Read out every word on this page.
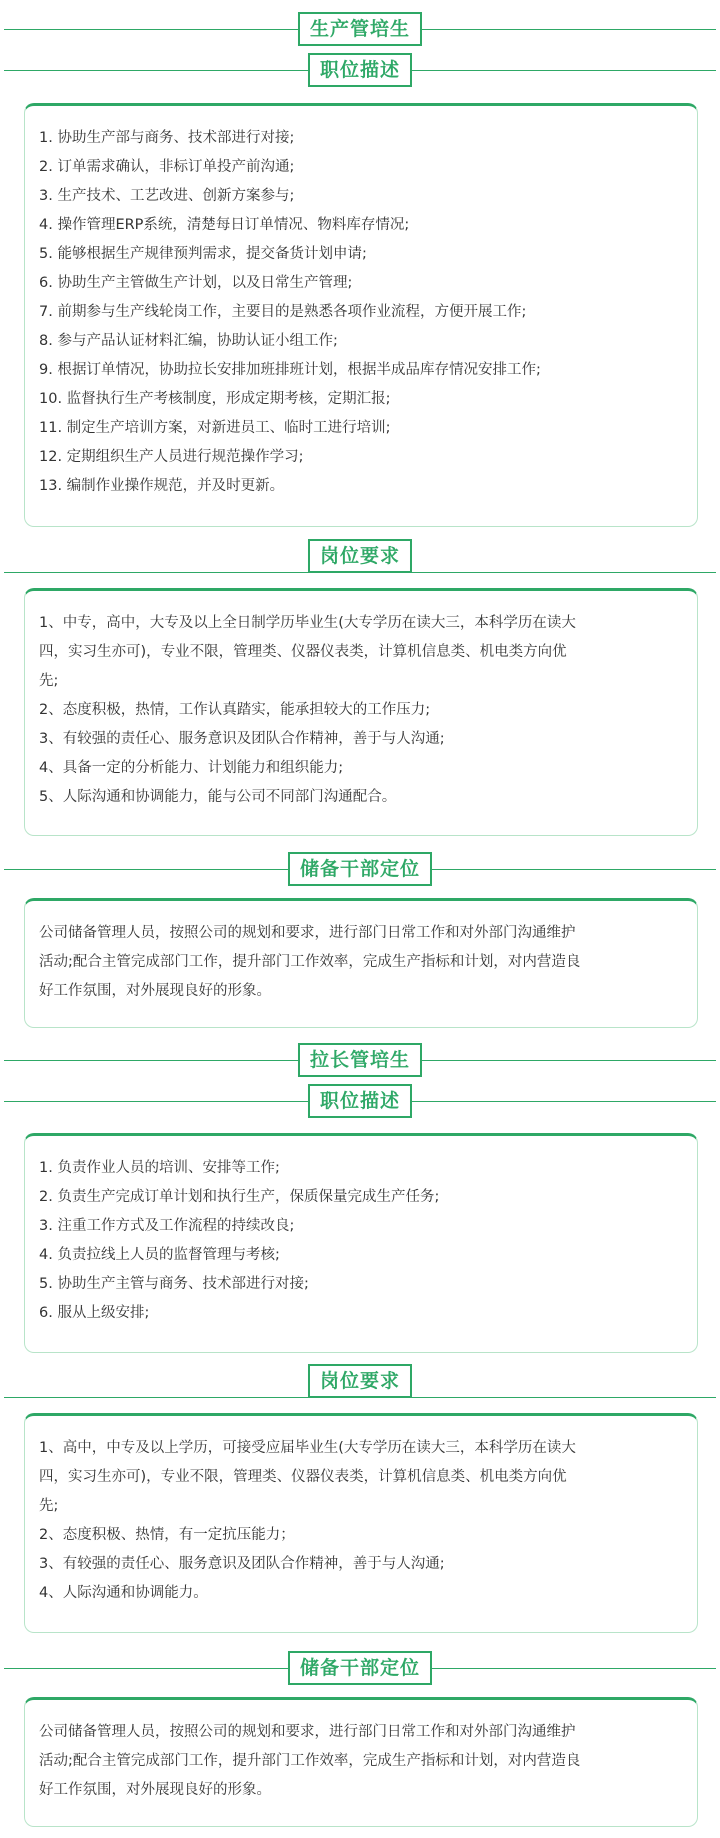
生产管培生
职位描述

1. 协助生产部与商务、技术部进行对接;

2. 订单需求确认，非标订单投产前沟通;

3. 生产技术、工艺改进、创新方案参与;

4. 操作管理ERP系统，清楚每日订单情况、物料库存情况;

5. 能够根据生产规律预判需求，提交备货计划申请;

6. 协助生产主管做生产计划，以及日常生产管理;

7. 前期参与生产线轮岗工作，主要目的是熟悉各项作业流程，方便开展工作;

8. 参与产品认证材料汇编，协助认证小组工作;

9. 根据订单情况，协助拉长安排加班排班计划，根据半成品库存情况安排工作;

10. 监督执行生产考核制度，形成定期考核，定期汇报;

11. 制定生产培训方案，对新进员工、临时工进行培训;

12. 定期组织生产人员进行规范操作学习;

13. 编制作业操作规范，并及时更新。

岗位要求

1、中专，高中，大专及以上全日制学历毕业生(大专学历在读大三，本科学历在读大

四，实习生亦可)，专业不限，管理类、仪器仪表类，计算机信息类、机电类方向优

先;

2、态度积极，热情，工作认真踏实，能承担较大的工作压力;

3、有较强的责任心、服务意识及团队合作精神，善于与人沟通;

4、具备一定的分析能力、计划能力和组织能力;

5、人际沟通和协调能力，能与公司不同部门沟通配合。

储备干部定位

公司储备管理人员，按照公司的规划和要求，进行部门日常工作和对外部门沟通维护

活动;配合主管完成部门工作，提升部门工作效率，完成生产指标和计划，对内营造良

好工作氛围，对外展现良好的形象。

拉长管培生
职位描述

1. 负责作业人员的培训、安排等工作;

2. 负责生产完成订单计划和执行生产，保质保量完成生产任务;

3. 注重工作方式及工作流程的持续改良;

4. 负责拉线上人员的监督管理与考核;

5. 协助生产主管与商务、技术部进行对接;

6. 服从上级安排;

岗位要求

1、高中，中专及以上学历，可接受应届毕业生(大专学历在读大三，本科学历在读大

四，实习生亦可)，专业不限，管理类、仪器仪表类，计算机信息类、机电类方向优

先;

2、态度积极、热情，有一定抗压能力；

3、有较强的责任心、服务意识及团队合作精神，善于与人沟通;

4、人际沟通和协调能力。

储备干部定位

公司储备管理人员，按照公司的规划和要求，进行部门日常工作和对外部门沟通维护

活动;配合主管完成部门工作，提升部门工作效率，完成生产指标和计划，对内营造良

好工作氛围，对外展现良好的形象。
